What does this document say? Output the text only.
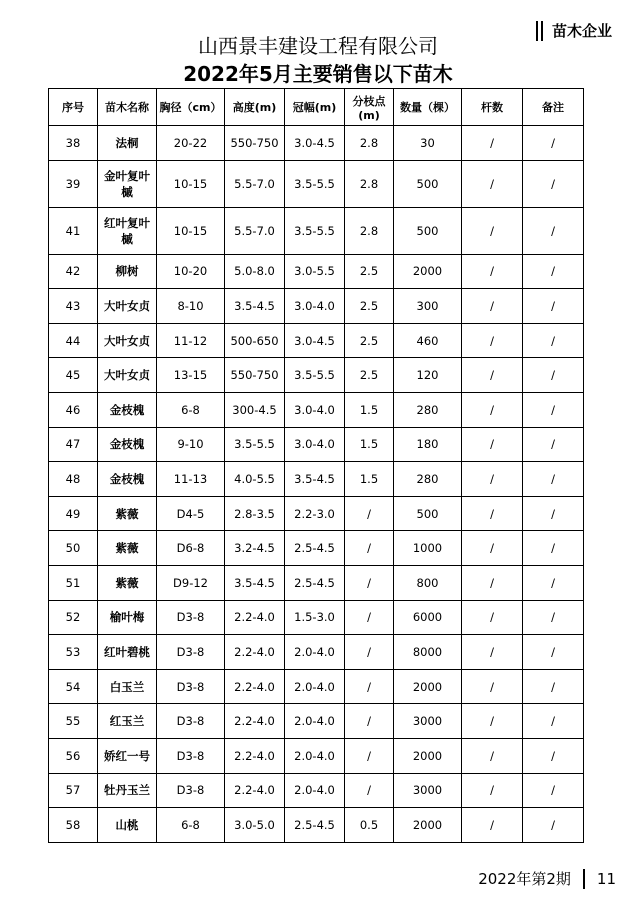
苗木企业
山西景丰建设工程有限公司
2022年5月主要销售以下苗木
序号	苗木名称	胸径（cm）	高度(m)	冠幅(m)	分枝点(m)	数量（棵）	杆数	备注
38	法桐	20-22	550-750	3.0-4.5	2.8	30	/	/
39	金叶复叶槭	10-15	5.5-7.0	3.5-5.5	2.8	500	/	/
41	红叶复叶槭	10-15	5.5-7.0	3.5-5.5	2.8	500	/	/
42	柳树	10-20	5.0-8.0	3.0-5.5	2.5	2000	/	/
43	大叶女贞	8-10	3.5-4.5	3.0-4.0	2.5	300	/	/
44	大叶女贞	11-12	500-650	3.0-4.5	2.5	460	/	/
45	大叶女贞	13-15	550-750	3.5-5.5	2.5	120	/	/
46	金枝槐	6-8	300-4.5	3.0-4.0	1.5	280	/	/
47	金枝槐	9-10	3.5-5.5	3.0-4.0	1.5	180	/	/
48	金枝槐	11-13	4.0-5.5	3.5-4.5	1.5	280	/	/
49	紫薇	D4-5	2.8-3.5	2.2-3.0	/	500	/	/
50	紫薇	D6-8	3.2-4.5	2.5-4.5	/	1000	/	/
51	紫薇	D9-12	3.5-4.5	2.5-4.5	/	800	/	/
52	榆叶梅	D3-8	2.2-4.0	1.5-3.0	/	6000	/	/
53	红叶碧桃	D3-8	2.2-4.0	2.0-4.0	/	8000	/	/
54	白玉兰	D3-8	2.2-4.0	2.0-4.0	/	2000	/	/
55	红玉兰	D3-8	2.2-4.0	2.0-4.0	/	3000	/	/
56	娇红一号	D3-8	2.2-4.0	2.0-4.0	/	2000	/	/
57	牡丹玉兰	D3-8	2.2-4.0	2.0-4.0	/	3000	/	/
58	山桃	6-8	3.0-5.0	2.5-4.5	0.5	2000	/	/
2022年第2期 11
